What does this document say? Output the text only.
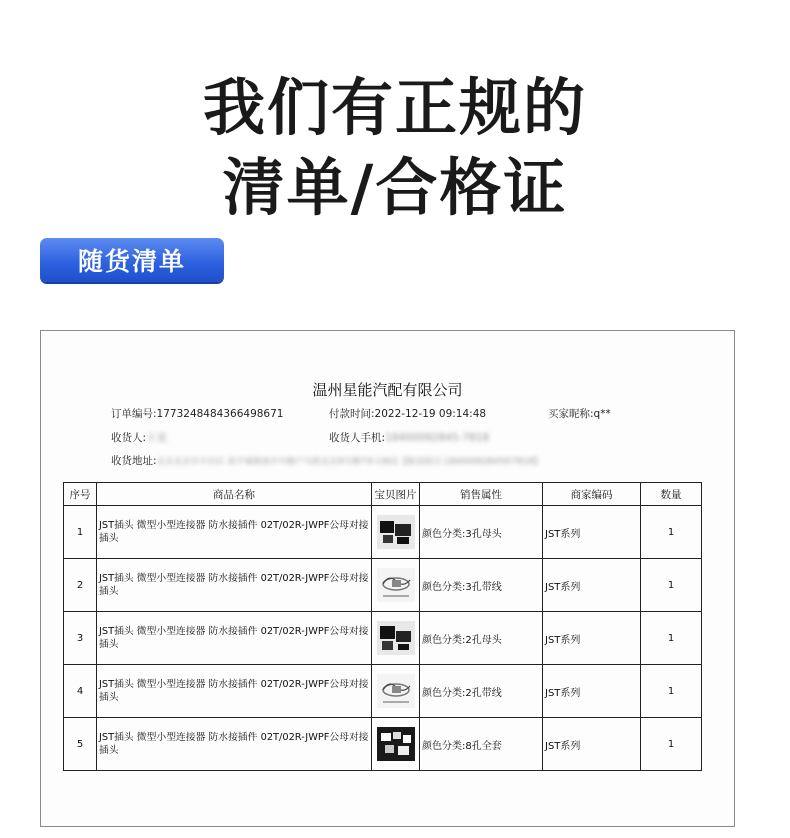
我们有正规的
清单/合格证
随货清单
温州星能汽配有限公司
订单编号:1773248484366498671	付款时间:2022-12-19 09:14:48	买家昵称:q**
收货人:王某	收货人手机:18400092845-7818
收货地址:北京北京市丰台区 南平城镇南开中路户乌桥北京9号楼7单元601【配送指引:18400092845转7818】
序号	商品名称	宝贝图片	销售属性	商家编码	数量
1	JST插头 微型小型连接器 防水接插件 02T/02R-JWPF公母对接插头		颜色分类:3孔母头	JST系列	1
2	JST插头 微型小型连接器 防水接插件 02T/02R-JWPF公母对接插头		颜色分类:3孔带线	JST系列	1
3	JST插头 微型小型连接器 防水接插件 02T/02R-JWPF公母对接插头		颜色分类:2孔母头	JST系列	1
4	JST插头 微型小型连接器 防水接插件 02T/02R-JWPF公母对接插头		颜色分类:2孔带线	JST系列	1
5	JST插头 微型小型连接器 防水接插件 02T/02R-JWPF公母对接插头		颜色分类:8孔全套	JST系列	1
